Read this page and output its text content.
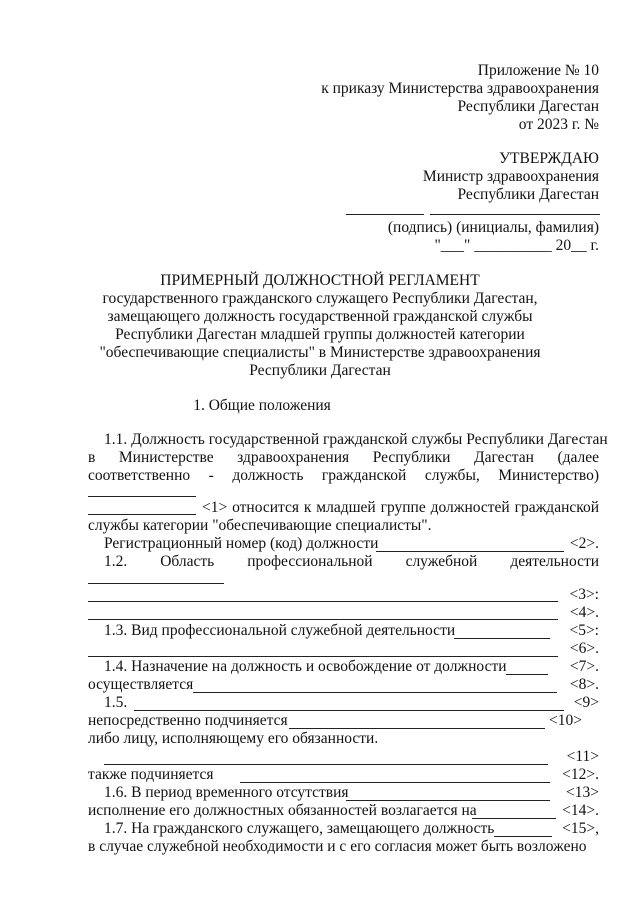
Приложение № 10
к приказу Министерства здравоохранения
Республики Дагестан
от 2023 г. №
УТВЕРЖДАЮ
Министр здравоохранения
Республики Дагестан
(подпись) (инициалы, фамилия)
"___" __________ 20__ г.
ПРИМЕРНЫЙ ДОЛЖНОСТНОЙ РЕГЛАМЕНТ
государственного гражданского служащего Республики Дагестан,
замещающего должность государственной гражданской службы
Республики Дагестан младшей группы должностей категории
"обеспечивающие специалисты" в Министерстве здравоохранения
Республики Дагестан
1. Общие положения
1.1. Должность государственной гражданской службы Республики Дагестан
в Министерстве здравоохранения Республики Дагестан (далее
соответственно - должность гражданской службы, Министерство)
<1> относится к младшей группе должностей гражданской
службы категории "обеспечивающие специалисты".
Регистрационный номер (код) должности	<2>.
1.2. Область профессиональной служебной деятельности
<3>:
<4>.
1.3. Вид профессиональной служебной деятельности	<5>:
<6>.
1.4. Назначение на должность и освобождение от должности	<7>.
осуществляется	<8>.
1.5.	<9>
непосредственно подчиняется	<10>
либо лицу, исполняющему его обязанности.
<11>
также подчиняется	<12>.
1.6. В период временного отсутствия	<13>
исполнение его должностных обязанностей возлагается на	<14>.
1.7. На гражданского служащего, замещающего должность	<15>,
в случае служебной необходимости и с его согласия может быть возложено
